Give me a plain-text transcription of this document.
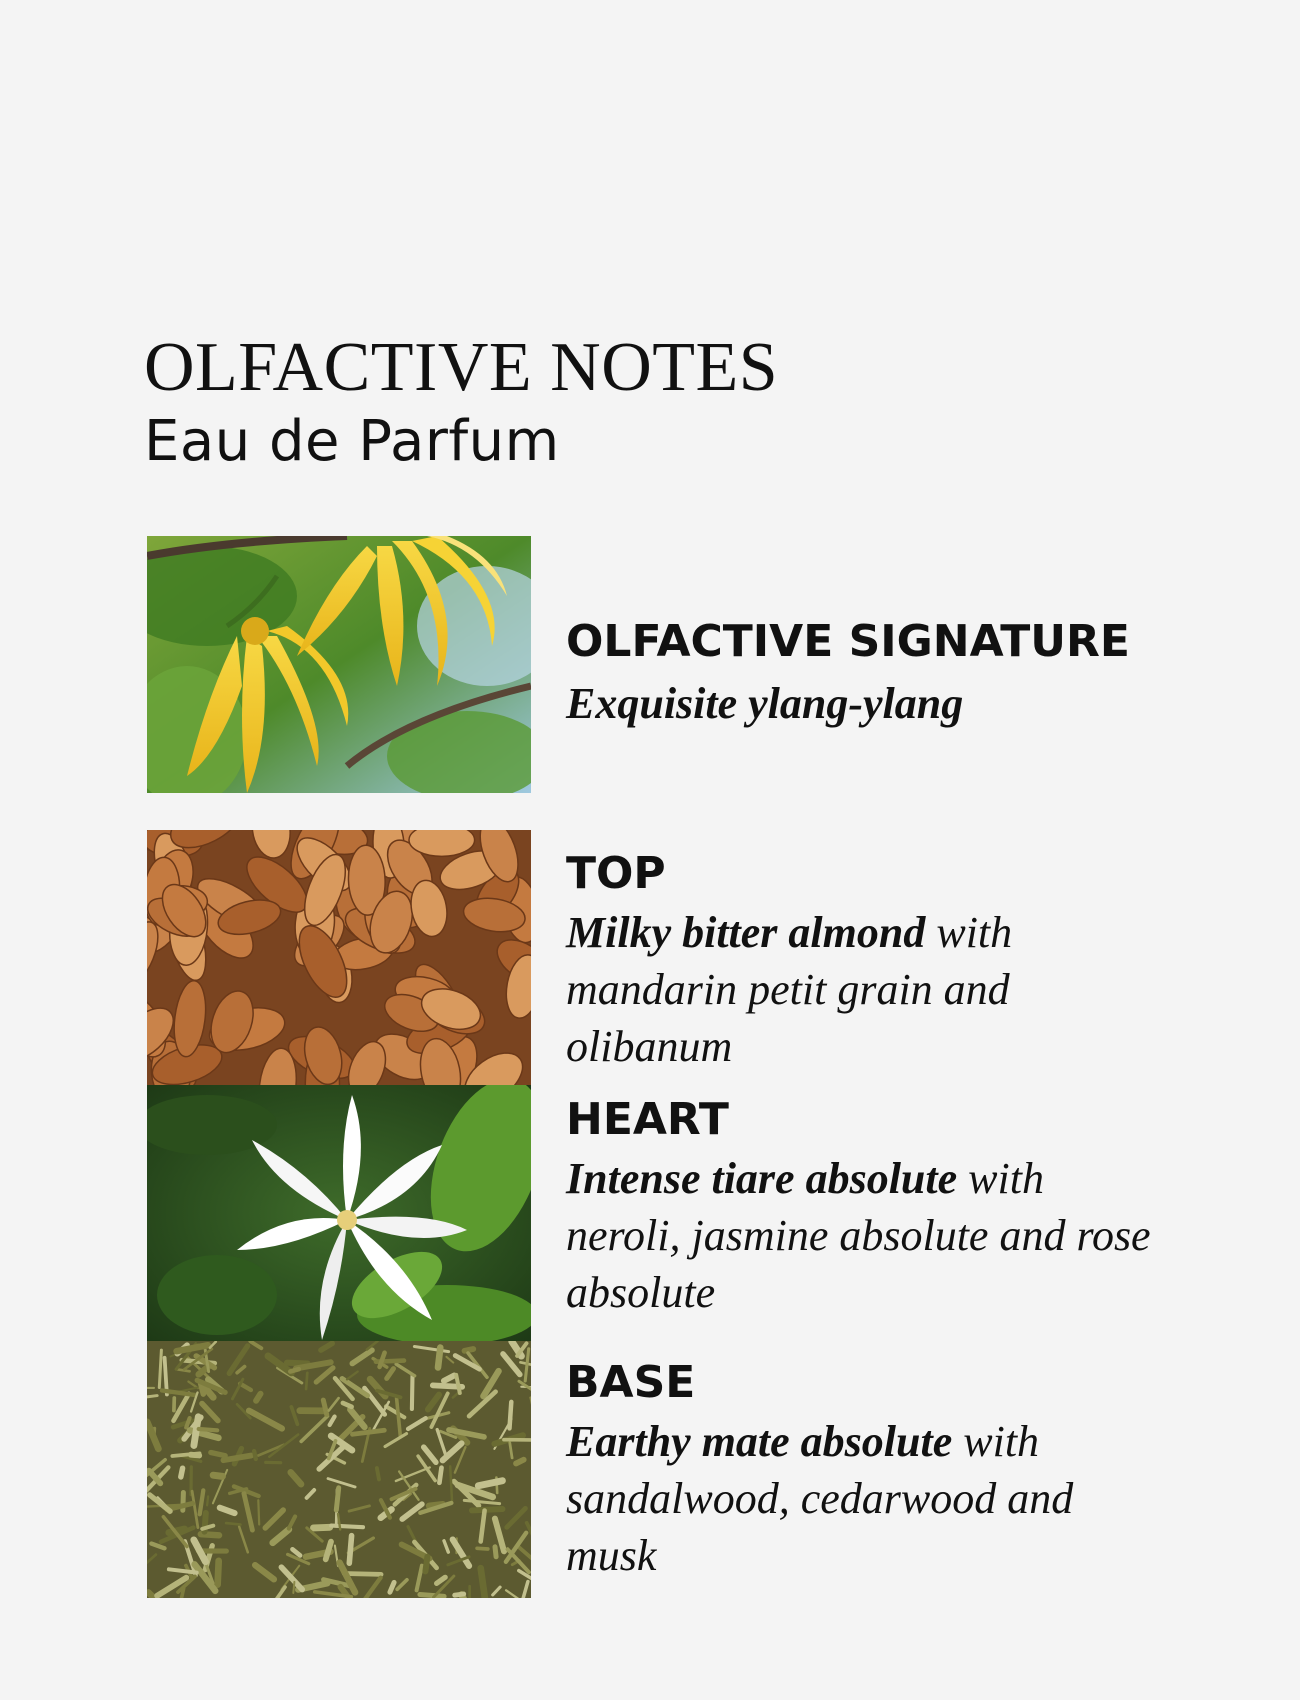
OLFACTIVE NOTES
Eau de Parfum
OLFACTIVE SIGNATURE

Exquisite ylang-ylang

TOP

Milky bitter almond with mandarin petit grain and olibanum

HEART

Intense tiare absolute with neroli, jasmine absolute and rose absolute

BASE

Earthy mate absolute with sandalwood, cedarwood and musk
